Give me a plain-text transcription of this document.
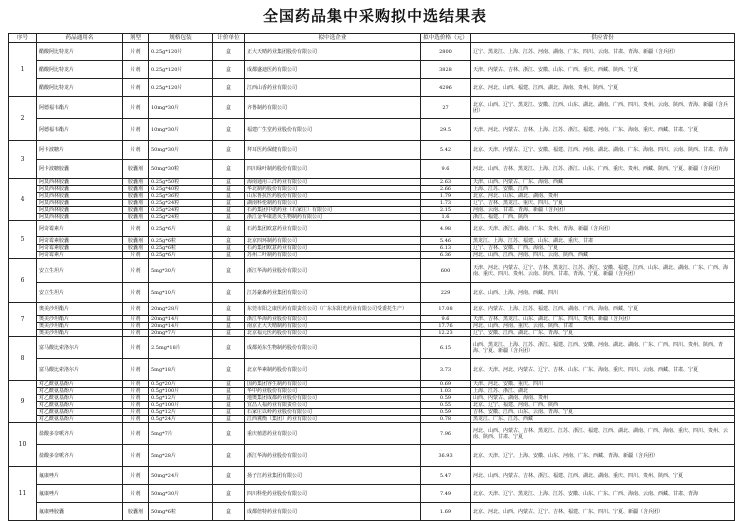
全国药品集中采购拟中选结果表
序号	药品通用名	剂型	规格包装	计价单位	拟中选企业	拟中选价格（元）	供应省份
1	醋酸阿比特龙片	片剂	0.25g*120片	盒	正大天晴药业集团股份有限公司	2800	辽宁、黑龙江、上海、江苏、河南、湖南、广东、四川、云南、甘肃、青海、新疆（含兵团）
	醋酸阿比特龙片	片剂	0.25g*120片	盒	成都盛迪医药有限公司	3828	天津、内蒙古、吉林、浙江、安徽、山东、广西、重庆、西藏、陕西、宁夏
	醋酸阿比特龙片	片剂	0.25g*120片	盒	江西山香药业有限公司	4296	北京、河北、山西、福建、江西、湖北、海南、贵州、陕西、宁夏
2	阿德福韦酯片	片剂	10mg*30片	盒	齐鲁制药有限公司	27	北京、山西、辽宁、黑龙江、安徽、江西、山东、湖北、湖南、广西、四川、贵州、云南、陕西、青海、新疆（含兵团）
	阿德福韦酯片	片剂	10mg*30片	盒	福建广生堂药业股份有限公司	29.5	天津、河北、内蒙古、吉林、上海、江苏、浙江、福建、河南、广东、海南、重庆、西藏、甘肃、宁夏
3	阿卡波糖片	片剂	50mg*30片	盒	拜耳医药保健有限公司	5.42	北京、天津、内蒙古、辽宁、安徽、福建、江西、河南、湖北、湖南、广东、海南、四川、云南、陕西、甘肃、青海
	阿卡波糖胶囊	胶囊剂	50mg*30粒	盒	四川绿叶制药股份有限公司	9.6	河北、山西、吉林、黑龙江、上海、江苏、浙江、山东、广西、重庆、贵州、西藏、陕西、宁夏、新疆（含兵团）
4	阿莫西林胶囊	胶囊剂	0.25g*50粒	盒	海南通用三洋药业有限公司	2.63	天津、山西、内蒙古、广东、海南、西藏
	阿莫西林胶囊	胶囊剂	0.25g*40粒	盒	华北制药股份有限公司	2.66	上海、江苏、安徽、江西
	阿莫西林胶囊	胶囊剂	0.25g*36粒	盒	山东鲁抗医药股份有限公司	1.79	北京、河北、山东、湖北、湖南、贵州
	阿莫西林胶囊	胶囊剂	0.25g*24粒	盒	湖南科伦制药有限公司	1.73	辽宁、吉林、黑龙江、重庆、四川、宁夏
	阿莫西林胶囊	胶囊剂	0.25g*24粒	盒	石药集团中诺药业（石家庄）有限公司	2.15	河南、云南、甘肃、青海、新疆（含兵团）
	阿莫西林胶囊	胶囊剂	0.25g*24粒	盒	浙江金华康恩贝生物制药有限公司	1.6	浙江、福建、广西、陕西
5	阿奇霉素片	片剂	0.25g*6片	盒	石药集团欧意药业有限公司	4.98	北京、天津、浙江、湖南、广东、贵州、青海、新疆（含兵团）
	阿奇霉素胶囊	胶囊剂	0.25g*6粒	盒	北京四环制药有限公司	5.46	黑龙江、上海、江苏、福建、山东、湖北、重庆、甘肃
	阿奇霉素胶囊	胶囊剂	0.25g*6粒	盒	石药集团欧意药业有限公司	6.13	辽宁、吉林、安徽、广西、海南、宁夏
	阿奇霉素片	片剂	0.25g*6片	盒	苏州二叶制药有限公司	6.36	河北、山西、江西、河南、四川、云南、陕西、西藏
6	安立生坦片	片剂	5mg*30片	盒	浙江华海药业股份有限公司	600	天津、河北、内蒙古、辽宁、吉林、黑龙江、江苏、浙江、安徽、福建、江西、山东、湖北、湖南、广东、广西、海南、重庆、四川、贵州、云南、陕西、甘肃、青海、宁夏、新疆（含兵团）
	安立生坦片	片剂	5mg*10片	盒	江苏豪森药业集团有限公司	229	北京、山西、上海、河南、西藏、四川
7	奥美沙坦酯片	片剂	20mg*28片	盒	东莞市阳之康医药有限责任公司（广东东阳光药业有限公司受委托生产）	17.08	北京、内蒙古、上海、江苏、福建、江西、湖南、广西、海南、西藏、宁夏
	奥美沙坦酯片	片剂	20mg*14片	盒	浙江华海药业股份有限公司	9.6	天津、吉林、黑龙江、山东、湖北、广东、四川、贵州、新疆（含兵团）
	奥美沙坦酯片	片剂	20mg*14片	盒	南京正大天晴制药有限公司	17.76	河北、山西、河南、重庆、云南、陕西、甘肃
	奥美沙坦酯片	片剂	20mg*7片	盒	北京福元医药股份有限公司	12.23	辽宁、安徽、江西、湖北、广东、青海、宁夏
8	富马酸比索洛尔片	片剂	2.5mg*18片	盒	成都苑东生物制药股份有限公司	6.15	山西、黑龙江、上海、江苏、浙江、福建、江西、安徽、河南、湖北、湖南、广东、广西、四川、贵州、陕西、青海、宁夏、新疆（含兵团）
	富马酸比索洛尔片	片剂	5mg*18片	盒	北京华素制药股份有限公司	3.73	北京、天津、河北、内蒙古、辽宁、吉林、山东、广东、海南、重庆、四川、云南、西藏、甘肃、宁夏
9	对乙酰氨基酚片	片剂	0.5g*20片	盒	国药集团容生制药有限公司	0.69	天津、河北、安徽、重庆、四川
	对乙酰氨基酚片	片剂	0.5g*100片	盒	华中药业股份有限公司	1.03	上海、江苏、浙江、湖北
	对乙酰氨基酚片	片剂	0.5g*12片	盒	地奥集团成都药业股份有限公司	0.59	山西、内蒙古、湖南、海南、贵州
	对乙酰氨基酚片	片剂	0.5g*100片	盒	宜昌人福药业有限责任公司	0.55	北京、辽宁、福建、河南、广西、陕西
	对乙酰氨基酚片	片剂	0.5g*12片	盒	石家庄以岭药业股份有限公司	0.59	吉林、安徽、江西、山东、云南、青海、宁夏
	对乙酰氨基酚片	片剂	0.5g*24片	盒	江西冀衡（集团）药业有限公司	0.78	黑龙江、广东、江苏、西藏
10	盐酸多奈哌齐片	片剂	5mg*7片	盒	重庆植恩药业有限公司	7.96	河北、山西、内蒙古、吉林、黑龙江、江苏、浙江、福建、江西、湖北、湖南、广西、海南、重庆、四川、贵州、云南、陕西、甘肃、宁夏
	盐酸多奈哌齐片	片剂	5mg*28片	盒	浙江华海药业股份有限公司	36.93	北京、天津、辽宁、上海、安徽、山东、河南、广东、西藏、青海、新疆（含兵团）
11	氟康唑片	片剂	50mg*24片	盒	扬子江药业集团有限公司	5.47	河北、山西、内蒙古、吉林、浙江、福建、江西、湖北、湖南、重庆、四川、贵州、陕西、宁夏
	氟康唑片	片剂	50mg*30片	盒	四川科伦药业股份有限公司	7.49	北京、天津、辽宁、黑龙江、上海、江苏、安徽、山东、广东、广西、海南、云南、西藏、甘肃、青海
	氟康唑胶囊	胶囊剂	50mg*6粒	盒	成都倍特药业有限公司	1.69	北京、河北、山西、内蒙古、辽宁、吉林、福建、广东、四川、宁夏、新疆（含兵团）
